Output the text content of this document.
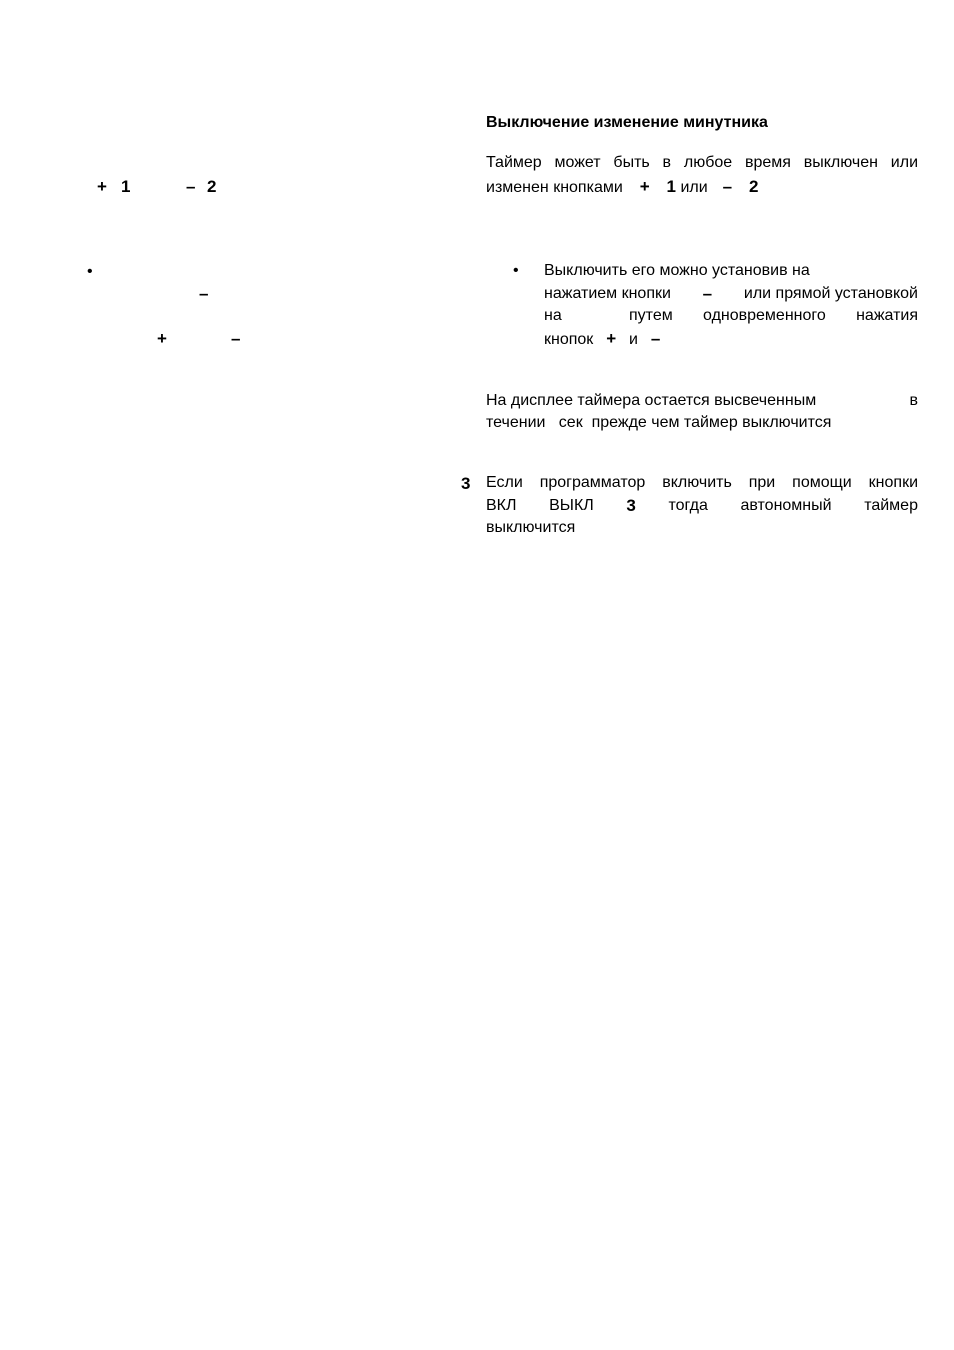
+ 1	– 2
•
–
+	–
Выключение изменение минутника
Таймер может быть в любое время выключен или
изменен кнопками + 1 или – 2
• Выключить его можно установив на
нажатием кнопки – или прямой установкой
на	путем одновременного нажатия
кнопок + и –
На дисплее таймера остается высвеченным	в
течении   сек  прежде чем таймер выключится
3 Если программатор включить при помощи кнопки
ВКЛ ВЫКЛ 3 тогда автономный таймер
выключится
